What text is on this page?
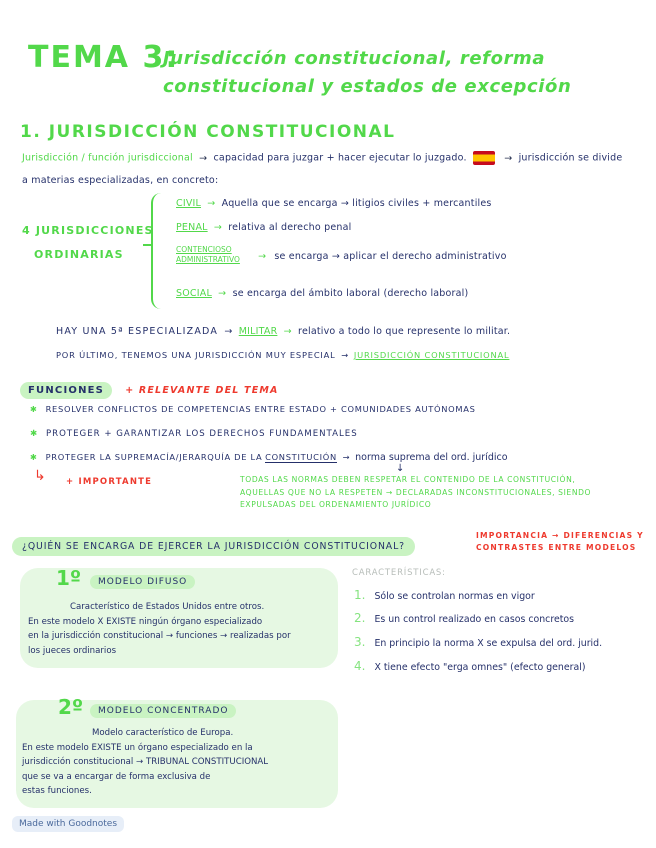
TEMA 3:
Jurisdicción constitucional, reforma
constitucional y estados de excepción
1. JURISDICCIÓN CONSTITUCIONAL
Jurisdicción / función jurisdiccional → capacidad para juzgar + hacer ejecutar lo juzgado.	→ jurisdicción se divide
a materias especializadas, en concreto:
4 JURISDICCIONES
ORDINARIAS
CIVIL → Aquella que se encarga → litigios civiles + mercantiles
PENAL → relativa al derecho penal
CONTENCIOSO ADMINISTRATIVO → se encarga → aplicar el derecho administrativo
SOCIAL → se encarga del ámbito laboral (derecho laboral)
HAY UNA 5ª ESPECIALIZADA → MILITAR → relativo a todo lo que represente lo militar.
POR ÚLTIMO, TENEMOS UNA JURISDICCIÓN MUY ESPECIAL → JURISDICCIÓN CONSTITUCIONAL
FUNCIONES + RELEVANTE DEL TEMA
✱ RESOLVER CONFLICTOS DE COMPETENCIAS ENTRE ESTADO + COMUNIDADES AUTÓNOMAS
✱ PROTEGER + GARANTIZAR LOS DERECHOS FUNDAMENTALES
✱ PROTEGER LA SUPREMACÍA/JERARQUÍA DE LA CONSTITUCIÓN → norma suprema del ord. jurídico
↳ + IMPORTANTE
↓
TODAS LAS NORMAS DEBEN RESPETAR EL CONTENIDO DE LA CONSTITUCIÓN,
AQUELLAS QUE NO LA RESPETEN → DECLARADAS INCONSTITUCIONALES, SIENDO
EXPULSADAS DEL ORDENAMIENTO JURÍDICO
¿QUIÉN SE ENCARGA DE EJERCER LA JURISDICCIÓN CONSTITUCIONAL?
IMPORTANCIA → DIFERENCIAS Y
CONTRASTES ENTRE MODELOS
1º	MODELO DIFUSO
Característico de Estados Unidos entre otros.
En este modelo X EXISTE ningún órgano especializado
en la jurisdicción constitucional → funciones → realizadas por
los jueces ordinarios
CARACTERÍSTICAS:
1. Sólo se controlan normas en vigor
2. Es un control realizado en casos concretos
3. En principio la norma X se expulsa del ord. jurid.
4. X tiene efecto "erga omnes" (efecto general)
2º	MODELO CONCENTRADO
Modelo característico de Europa.
En este modelo EXISTE un órgano especializado en la
jurisdicción constitucional → TRIBUNAL CONSTITUCIONAL
que se va a encargar de forma exclusiva de
estas funciones.
Made with Goodnotes
